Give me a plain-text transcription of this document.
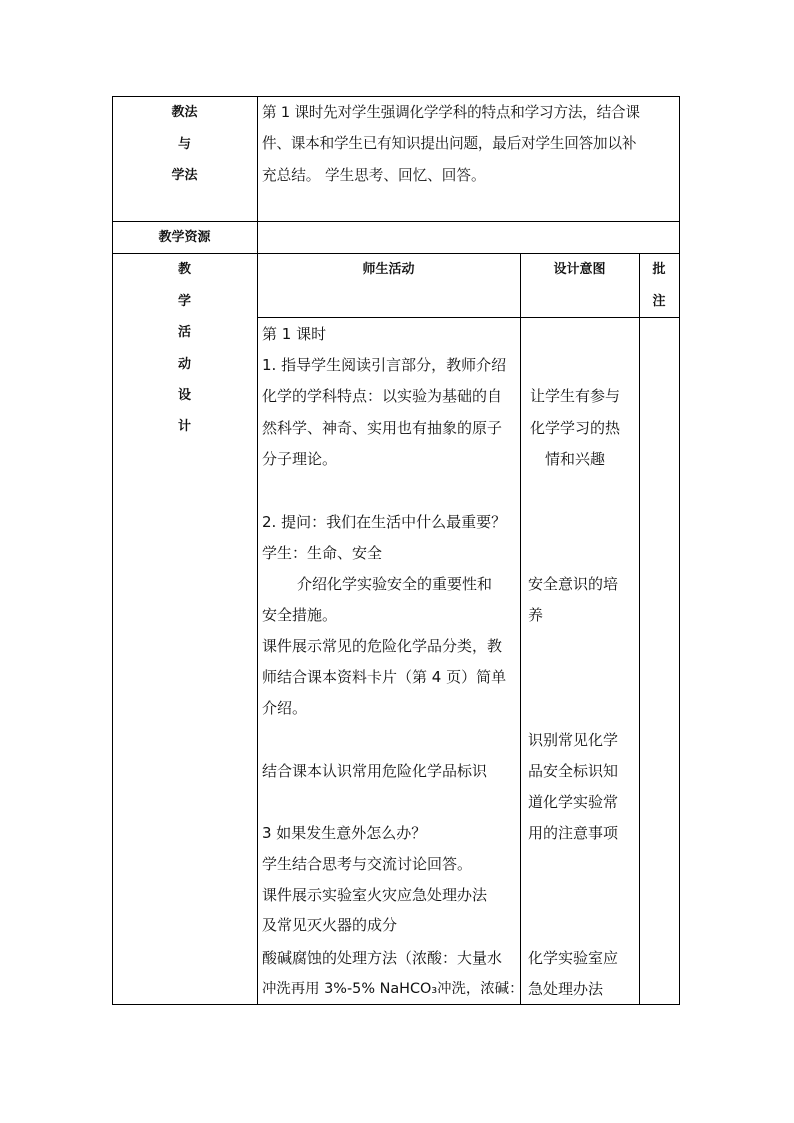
教法
与
学法
第 1 课时先对学生强调化学学科的特点和学习方法，结合课
件、课本和学生已有知识提出问题，最后对学生回答加以补
充总结。 学生思考、回忆、回答。
教学资源
教
学
活
动
设
计
师生活动	设计意图	批
注
第 1 课时
1. 指导学生阅读引言部分，教师介绍
化学的学科特点：以实验为基础的自
然科学、神奇、实用也有抽象的原子
分子理论。
2. 提问：我们在生活中什么最重要？
学生：生命、安全
介绍化学实验安全的重要性和
安全措施。
课件展示常见的危险化学品分类，教
师结合课本资料卡片（第 4 页）简单
介绍。
结合课本认识常用危险化学品标识
3 如果发生意外怎么办？
学生结合思考与交流讨论回答。
课件展示实验室火灾应急处理办法
及常见灭火器的成分
酸碱腐蚀的处理方法（浓酸：大量水
冲洗再用 3%-5% NaHCO₃冲洗，浓碱：
让学生有参与
化学学习的热
情和兴趣
安全意识的培
养
识别常见化学
品安全标识知
道化学实验常
用的注意事项
化学实验室应
急处理办法
